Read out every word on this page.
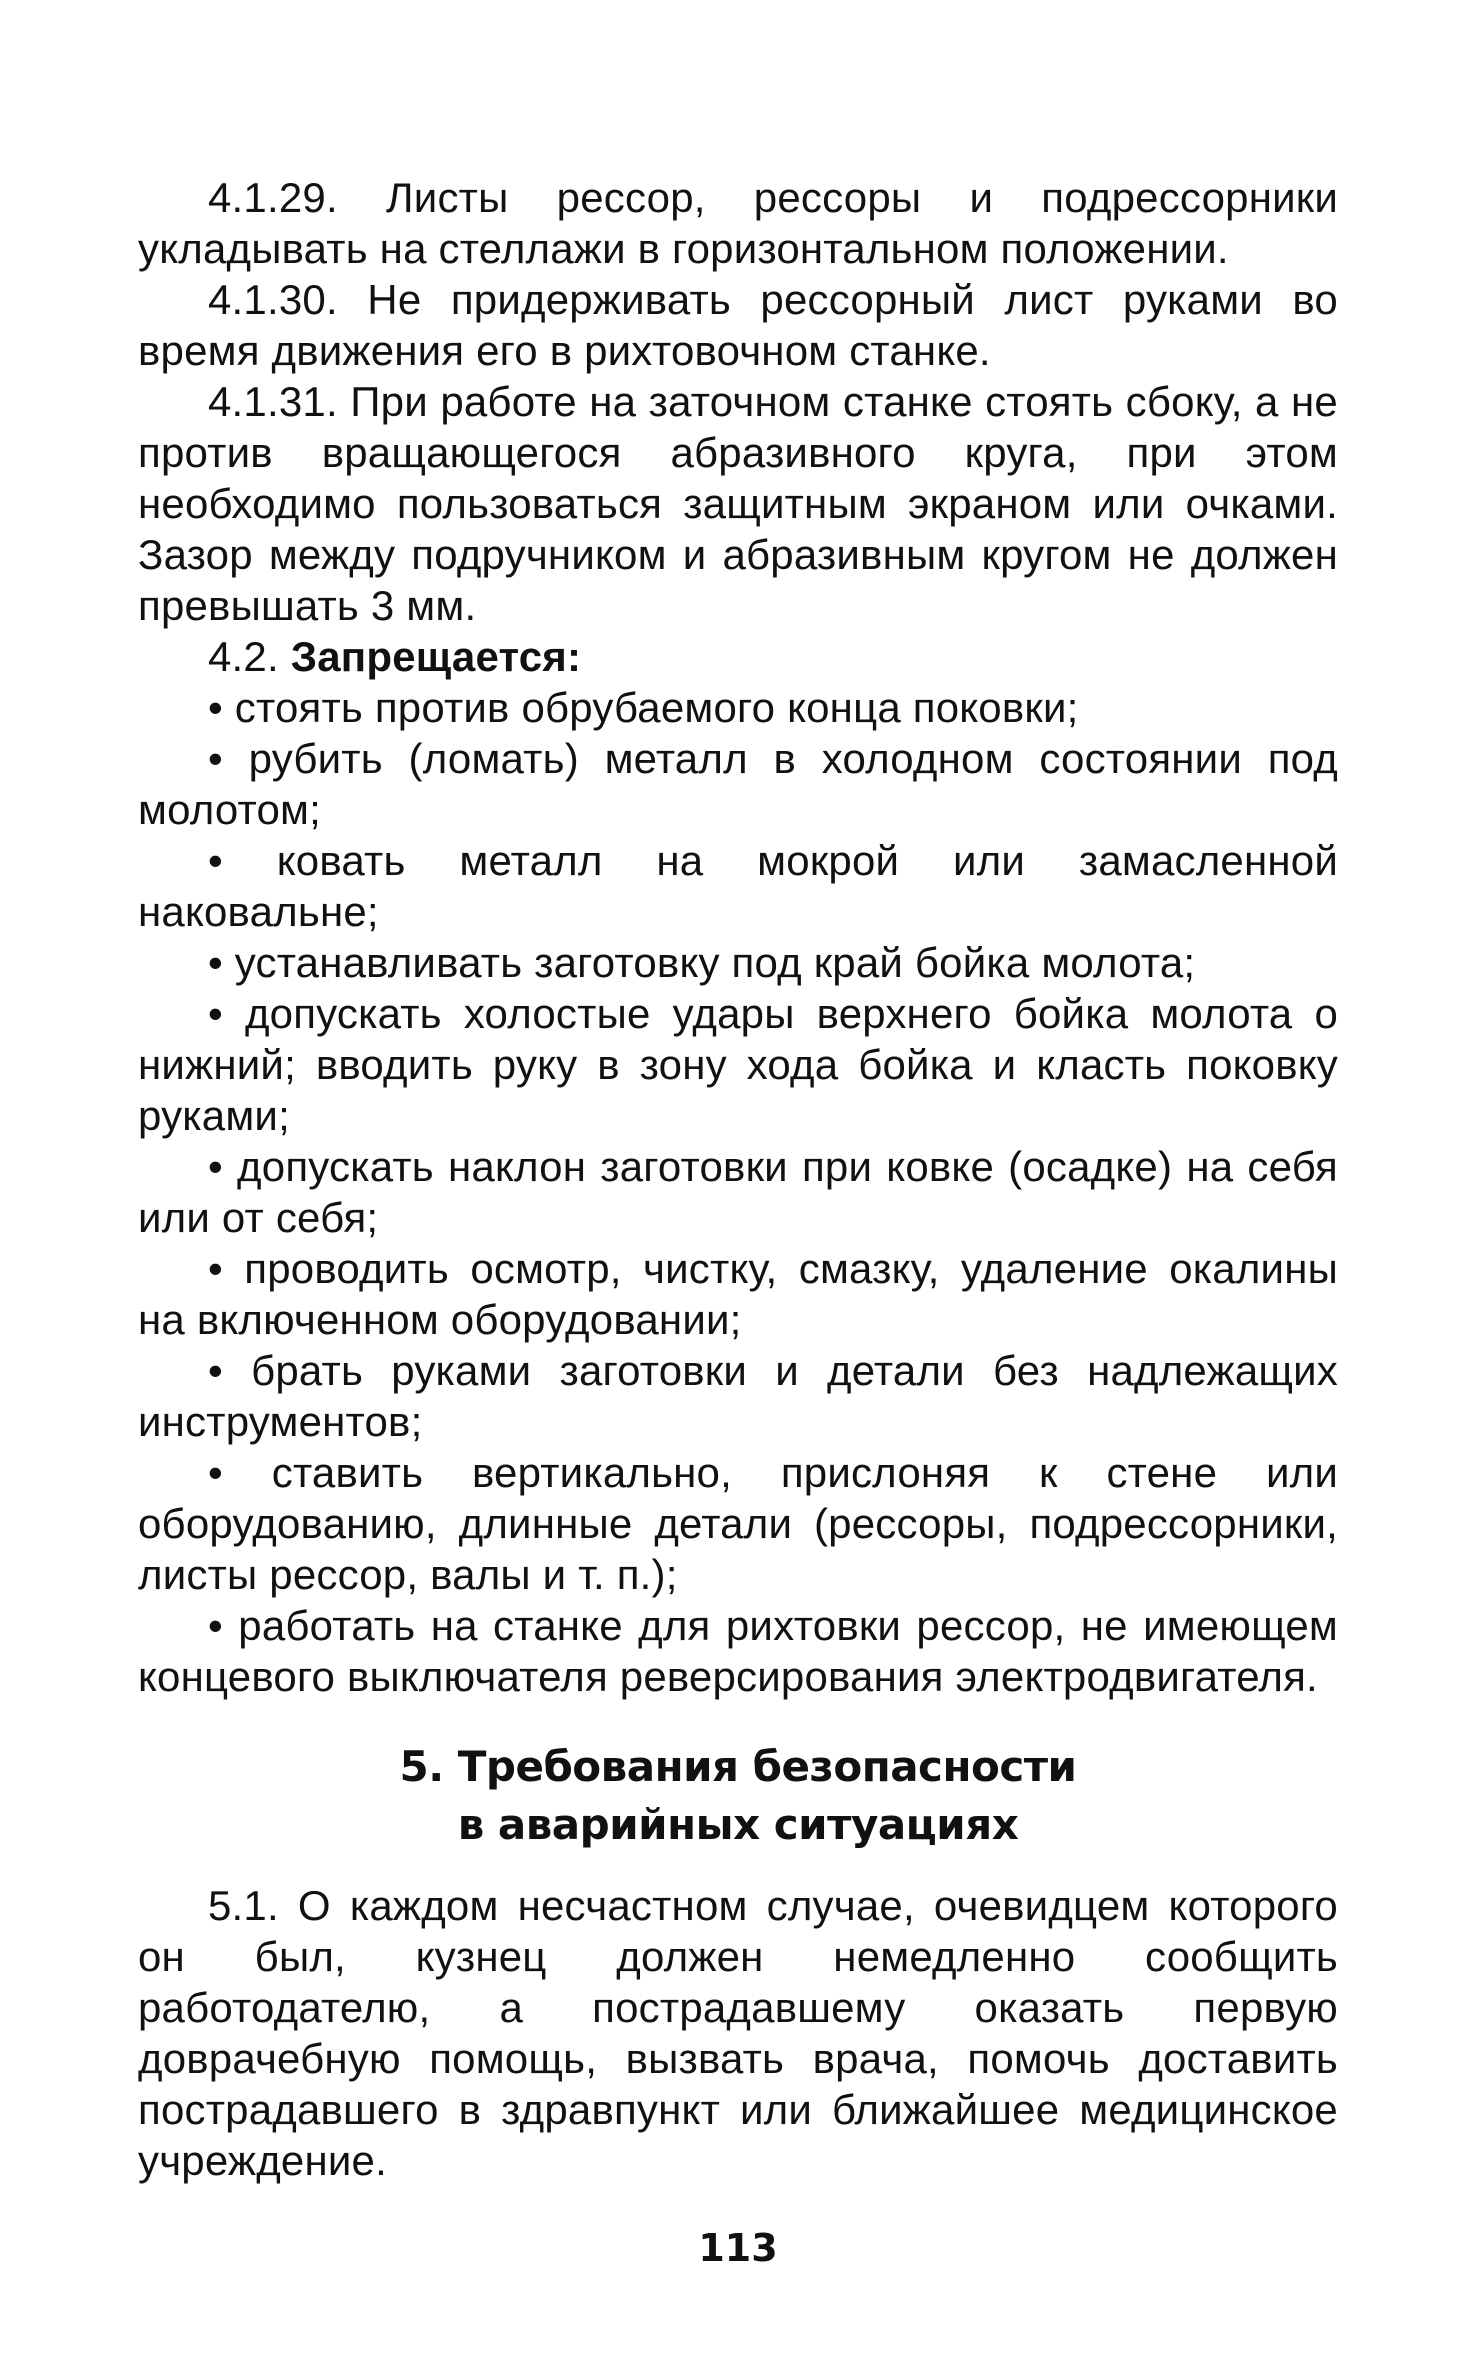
4.1.29. Листы рессор, рессоры и подрессорники укладывать на стеллажи в горизонтальном положении.

4.1.30. Не придерживать рессорный лист руками во время движения его в рихтовочном станке.

4.1.31. При работе на заточном станке стоять сбоку, а не против вращающегося абразивного круга, при этом необходимо пользоваться защитным экраном или очками. Зазор между подручником и абразивным кругом не должен превышать 3 мм.

4.2. Запрещается:

• стоять против обрубаемого конца поковки;

• рубить (ломать) металл в холодном состоянии под молотом;

• ковать металл на мокрой или замасленной наковальне;

• устанавливать заготовку под край бойка молота;

• допускать холостые удары верхнего бойка молота о нижний; вводить руку в зону хода бойка и класть поковку руками;

• допускать наклон заготовки при ковке (осадке) на себя или от себя;

• проводить осмотр, чистку, смазку, удаление окалины на включенном оборудовании;

• брать руками заготовки и детали без надлежащих инструментов;

• ставить вертикально, прислоняя к стене или оборудованию, длинные детали (рессоры, подрессорники, листы рессор, валы и т. п.);

• работать на станке для рихтовки рессор, не имеющем концевого выключателя реверсирования электродвигателя.

5. Требования безопасности
в аварийных ситуациях

5.1. О каждом несчастном случае, очевидцем которого он был, кузнец должен немедленно сообщить работодателю, а пострадавшему оказать первую доврачебную помощь, вызвать врача, помочь доставить пострадавшего в здравпункт или ближайшее медицинское учреждение.

113
